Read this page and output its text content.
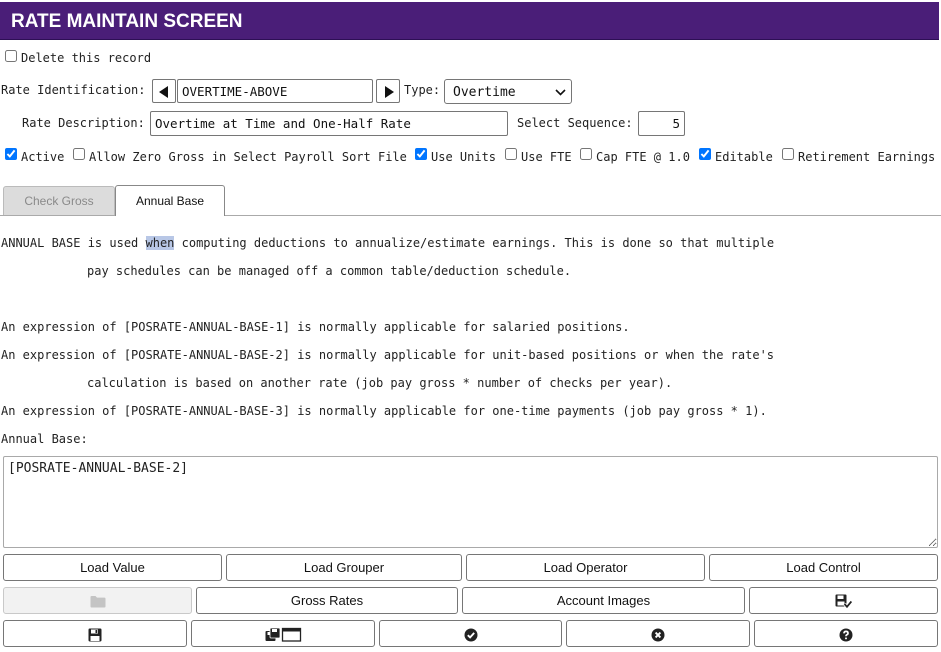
RATE MAINTAIN SCREEN
Delete this record
Rate Identification:
OVERTIME-ABOVE	Type: Overtime
Rate Description:
Overtime at Time and One-Half Rate	Select Sequence:
5
Active Allow Zero Gross in Select Payroll Sort File Use Units Use FTE Cap FTE @ 1.0 Editable Retirement Earnings
Check Gross	Annual Base
ANNUAL BASE is used when computing deductions to annualize/estimate earnings. This is done so that multiple
pay schedules can be managed off a common table/deduction schedule.
An expression of [POSRATE-ANNUAL-BASE-1] is normally applicable for salaried positions.
An expression of [POSRATE-ANNUAL-BASE-2] is normally applicable for unit-based positions or when the rate's
calculation is based on another rate (job pay gross * number of checks per year).
An expression of [POSRATE-ANNUAL-BASE-3] is normally applicable for one-time payments (job pay gross * 1).
Annual Base:
[POSRATE-ANNUAL-BASE-2]
Load Value	Load Grouper	Load Operator	Load Control
Gross Rates	Account Images
